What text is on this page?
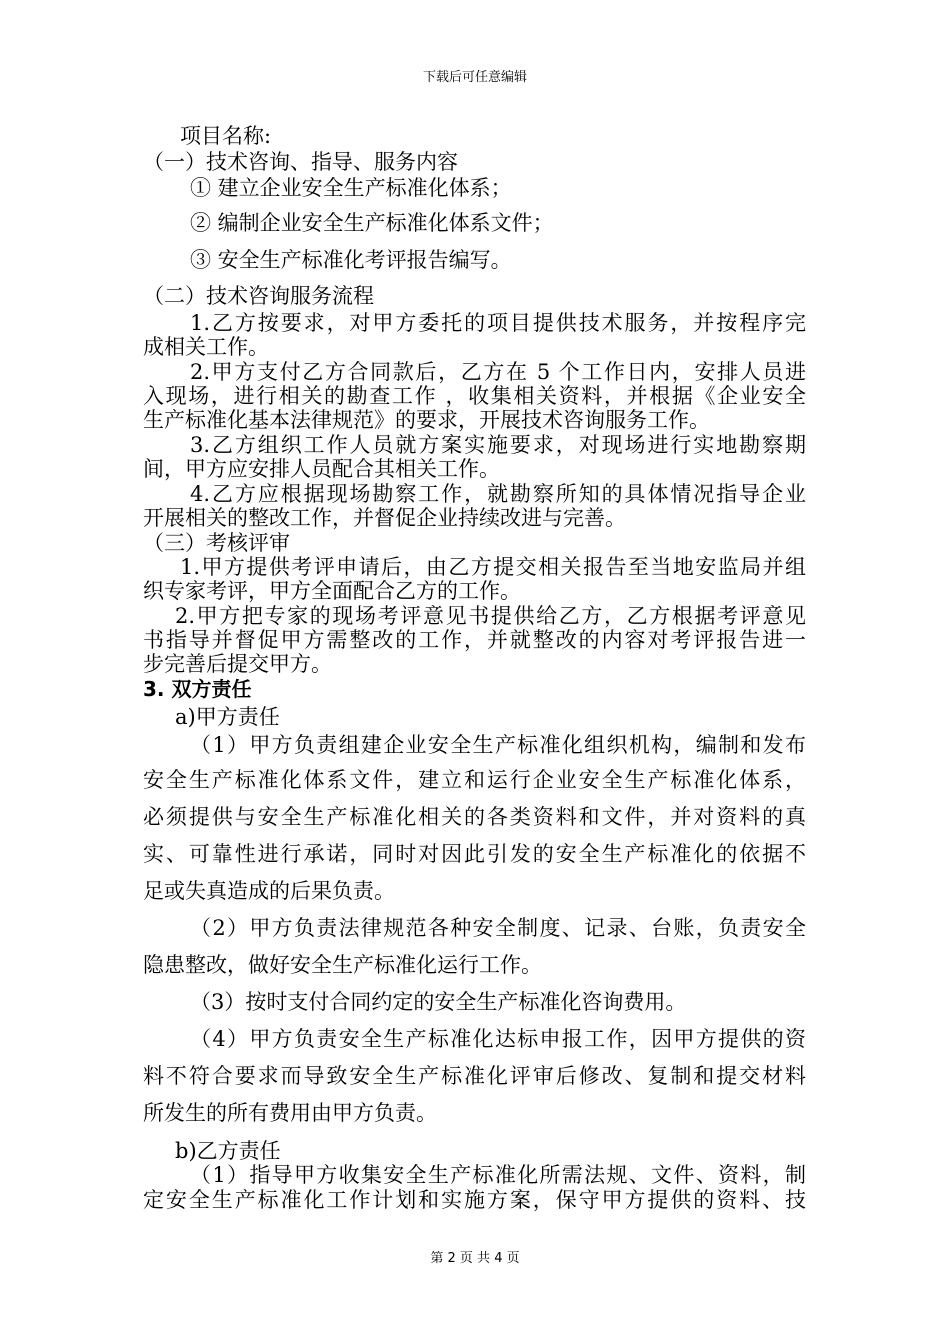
下载后可任意编辑
项目名称:
（一）技术咨询、指导、服务内容
① 建立企业安全生产标准化体系；
② 编制企业安全生产标准化体系文件；
③ 安全生产标准化考评报告编写。
（二）技术咨询服务流程
1.乙方按要求，对甲方委托的项目提供技术服务，并按程序完
成相关工作。
2.甲方支付乙方合同款后，乙方在 5 个工作日内，安排人员进
入现场，进行相关的勘查工作 ，收集相关资料，并根据《企业安全
生产标准化基本法律规范》的要求，开展技术咨询服务工作。
3.乙方组织工作人员就方案实施要求，对现场进行实地勘察期
间，甲方应安排人员配合其相关工作。
4.乙方应根据现场勘察工作，就勘察所知的具体情况指导企业
开展相关的整改工作，并督促企业持续改进与完善。
（三）考核评审
1.甲方提供考评申请后，由乙方提交相关报告至当地安监局并组
织专家考评，甲方全面配合乙方的工作。
2.甲方把专家的现场考评意见书提供给乙方，乙方根据考评意见
书指导并督促甲方需整改的工作，并就整改的内容对考评报告进一
步完善后提交甲方。
3. 双方责任
a)甲方责任
（1）甲方负责组建企业安全生产标准化组织机构，编制和发布
安全生产标准化体系文件，建立和运行企业安全生产标准化体系，
必须提供与安全生产标准化相关的各类资料和文件，并对资料的真
实、可靠性进行承诺，同时对因此引发的安全生产标准化的依据不
足或失真造成的后果负责。
（2）甲方负责法律规范各种安全制度、记录、台账，负责安全
隐患整改，做好安全生产标准化运行工作。
（3）按时支付合同约定的安全生产标准化咨询费用。
（4）甲方负责安全生产标准化达标申报工作，因甲方提供的资
料不符合要求而导致安全生产标准化评审后修改、复制和提交材料
所发生的所有费用由甲方负责。
b)乙方责任
（1）指导甲方收集安全生产标准化所需法规、文件、资料，制
定安全生产标准化工作计划和实施方案，保守甲方提供的资料、技
第 2 页 共 4 页
